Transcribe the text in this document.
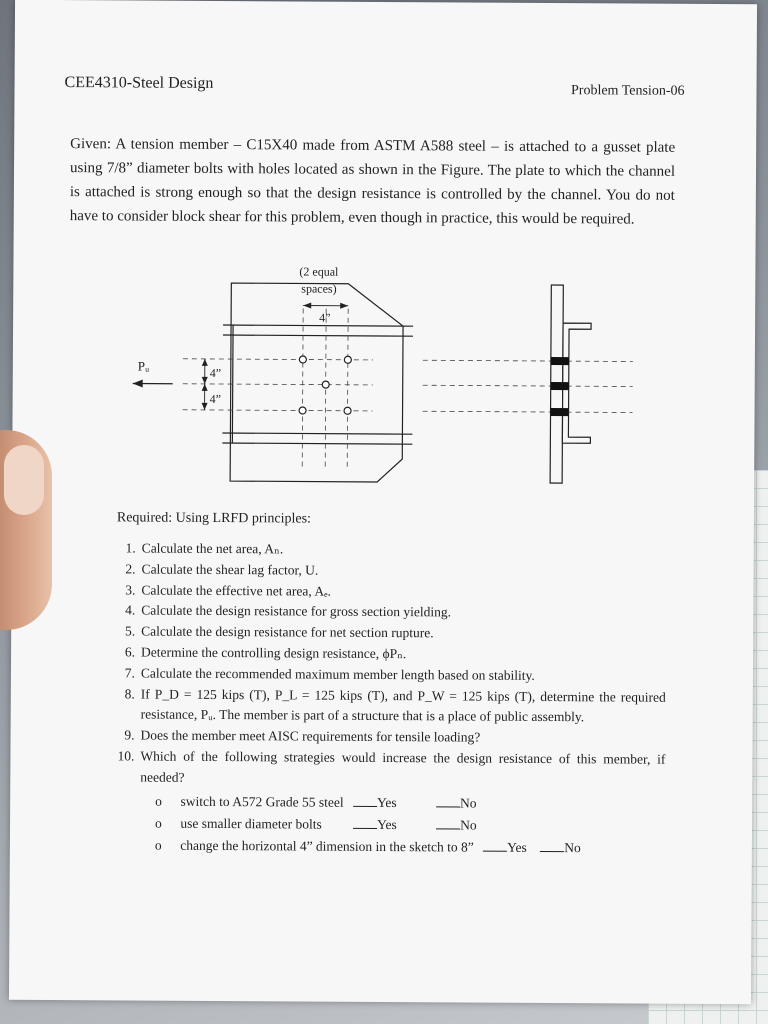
CEE4310-Steel Design	Problem Tension-06

Given: A tension member – C15X40 made from ASTM A588 steel – is attached to a gusset plate using 7/8” diameter bolts with holes located as shown in the Figure. The plate to which the channel is attached is strong enough so that the design resistance is controlled by the channel. You do not have to consider block shear for this problem, even though in practice, this would be required.

(2 equal
spaces)
4”
4”
4”
Pᵤ
Required: Using LRFD principles:
1. Calculate the net area, Aₙ.
2. Calculate the shear lag factor, U.
3. Calculate the effective net area, Aₑ.
4. Calculate the design resistance for gross section yielding.
5. Calculate the design resistance for net section rupture.
6. Determine the controlling design resistance, ϕPₙ.
7. Calculate the recommended maximum member length based on stability.
8. If P_D = 125 kips (T), P_L = 125 kips (T), and P_W = 125 kips (T), determine the required resistance, Pᵤ. The member is part of a structure that is a place of public assembly.
9. Does the member meet AISC requirements for tensile loading?
10. Which of the following strategies would increase the design resistance of this member, if needed?
o switch to A572 Grade 55 steel Yes	No
o use smaller diameter bolts	Yes	No
o change the horizontal 4” dimension in the sketch to 8” Yes	No
